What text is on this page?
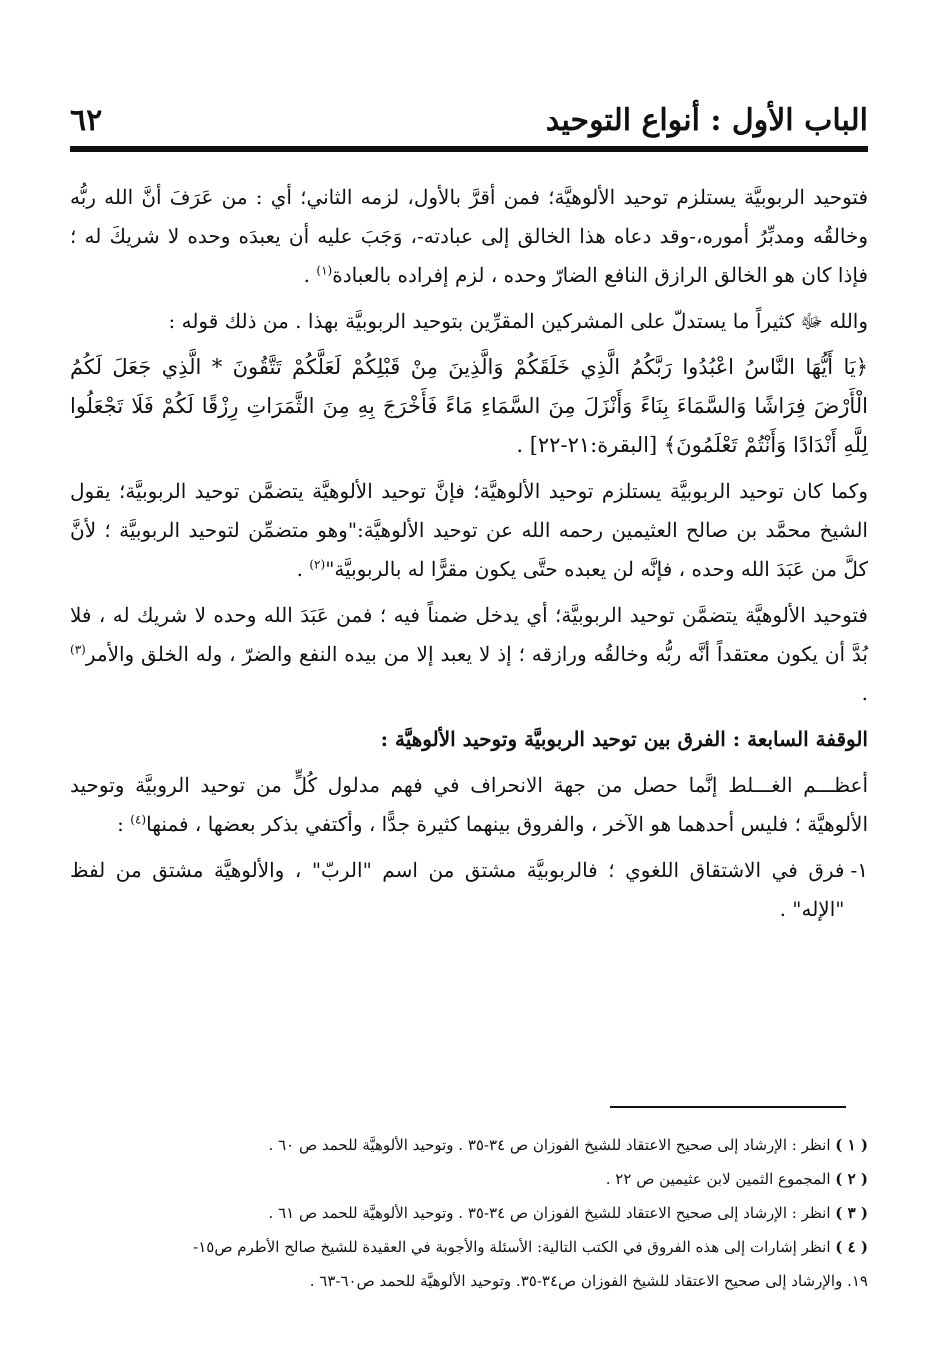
الباب الأول : أنواع التوحيد
٦٢

فتوحيد الربوبيَّة يستلزم توحيد الألوهيَّة؛ فمن أقرَّ بالأول، لزمه الثاني؛ أي : من عَرَفَ أنَّ الله ربُّه وخالقُه ومدبِّرُ أموره،-وقد دعاه هذا الخالق إلى عبادته-، وَجَبَ عليه أن يعبدَه وحده لا شريكَ له ؛ فإذا كان هو الخالق الرازق النافع الضارّ وحده ، لزم إفراده بالعبادة$^{(١)}$ .

والله ﷻ كثيراً ما يستدلّ على المشركين المقرِّين بتوحيد الربوبيَّة بهذا . من ذلك قوله :

﴿يَا أَيُّهَا النَّاسُ اعْبُدُوا رَبَّكُمُ الَّذِي خَلَقَكُمْ وَالَّذِينَ مِنْ قَبْلِكُمْ لَعَلَّكُمْ تَتَّقُونَ * الَّذِي جَعَلَ لَكُمُ الْأَرْضَ فِرَاشًا وَالسَّمَاءَ بِنَاءً وَأَنْزَلَ مِنَ السَّمَاءِ مَاءً فَأَخْرَجَ بِهِ مِنَ الثَّمَرَاتِ رِزْقًا لَكُمْ فَلَا تَجْعَلُوا لِلَّهِ أَنْدَادًا وَأَنْتُمْ تَعْلَمُونَ﴾ [البقرة:٢١-٢٢] .

وكما كان توحيد الربوبيَّة يستلزم توحيد الألوهيَّة؛ فإنَّ توحيد الألوهيَّة يتضمَّن توحيد الربوبيَّة؛ يقول الشيخ محمَّد بن صالح العثيمين رحمه الله عن توحيد الألوهيَّة:"وهو متضمِّن لتوحيد الربوبيَّة ؛ لأنَّ كلَّ من عَبَدَ الله وحده ، فإنَّه لن يعبده حتَّى يكون مقرًّا له بالربوبيَّة"$^{(٢)}$ .

فتوحيد الألوهيَّة يتضمَّن توحيد الربوبيَّة؛ أي يدخل ضمناً فيه ؛ فمن عَبَدَ الله وحده لا شريك له ، فلا بُدَّ أن يكون معتقداً أنَّه ربُّه وخالقُه ورازقه ؛ إذ لا يعبد إلا من بيده النفع والضرّ ، وله الخلق والأمر$^{(٣)}$ .

الوقفة السابعة : الفرق بين توحيد الربوبيَّة وتوحيد الألوهيَّة :

أعظـــم الغـــلط إنَّما حصل من جهة الانحراف في فهم مدلول كُلٍّ من توحيد الروبيَّة وتوحيد الألوهيَّة ؛ فليس أحدهما هو الآخر ، والفروق بينهما كثيرة جدًّا ، وأكتفي بذكر بعضها ، فمنها$^{(٤)}$ :

١-
فرق في الاشتقاق اللغوي ؛ فالربوبيَّة مشتق من اسم "الربّ" ، والألوهيَّة مشتق من لفظ "الإله" .

( ١ ) انظر : الإرشاد إلى صحيح الاعتقاد للشيخ الفوزان ص ٣٤-٣٥ . وتوحيد الألوهيَّة للحمد ص ٦٠ .
( ٢ ) المجموع الثمين لابن عثيمين ص ٢٢ .
( ٣ ) انظر : الإرشاد إلى صحيح الاعتقاد للشيخ الفوزان ص ٣٤-٣٥ . وتوحيد الألوهيَّة للحمد ص ٦١ .
( ٤ ) انظر إشارات إلى هذه الفروق في الكتب التالية: الأسئلة والأجوبة في العقيدة للشيخ صالح الأطرم ص١٥-
١٩. والإرشاد إلى صحيح الاعتقاد للشيخ الفوزان ص٣٤-٣٥. وتوحيد الألوهيَّة للحمد ص٦٠-٦٣ .
